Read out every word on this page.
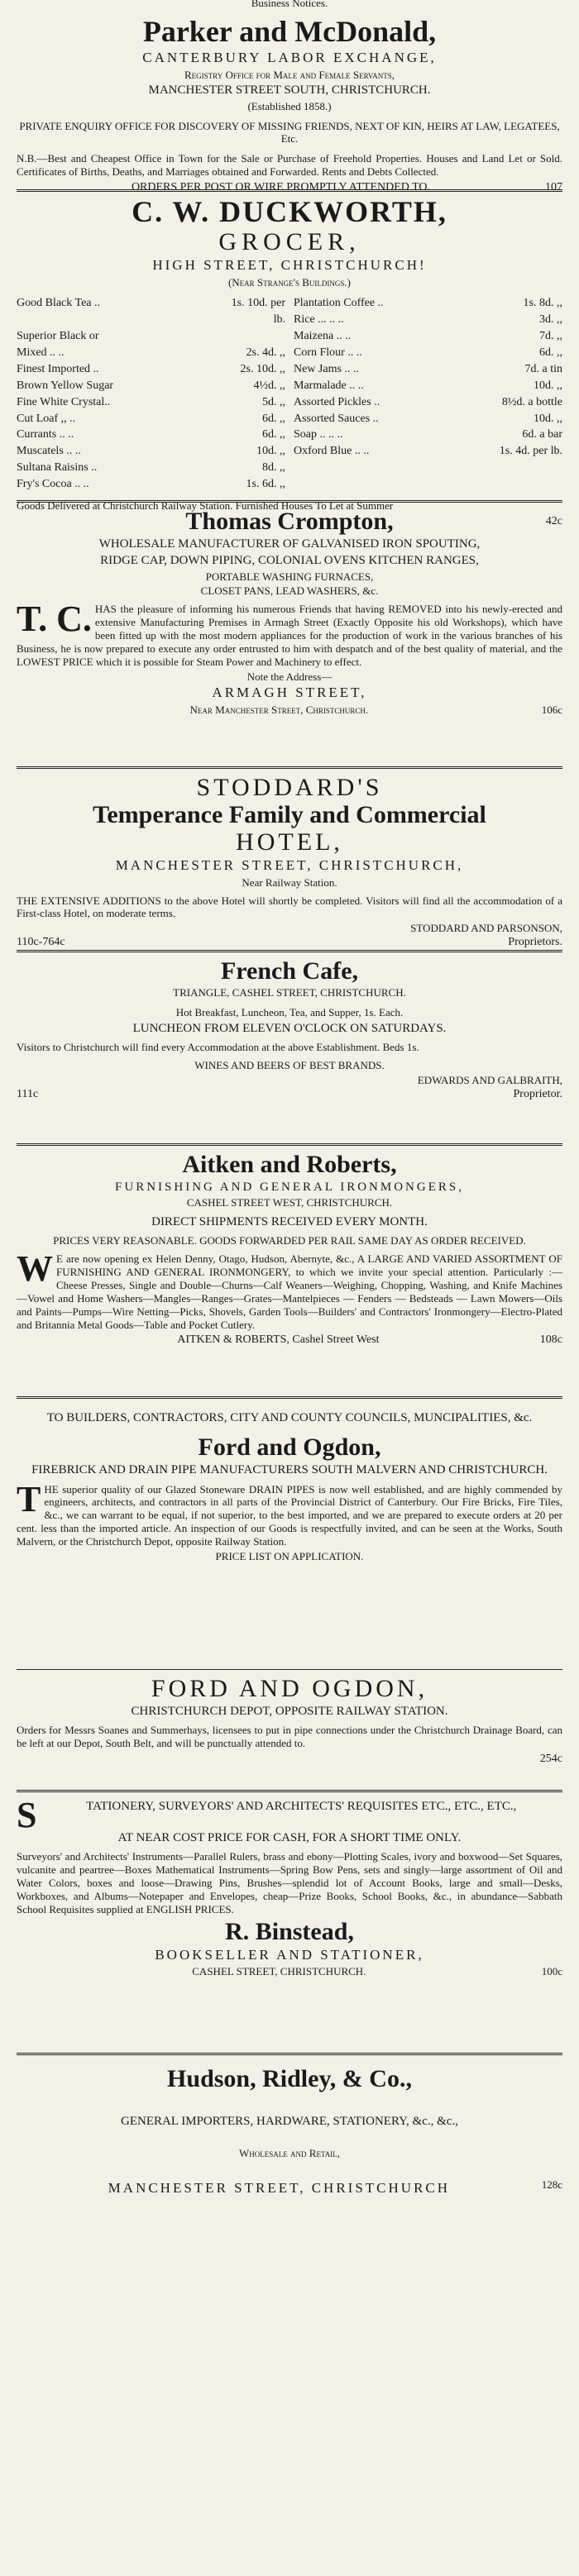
Business Notices.
Parker and McDonald,
CANTERBURY LABOR EXCHANGE,
Registry Office for Male and Female Servants,
MANCHESTER STREET SOUTH, CHRISTCHURCH.
(Established 1858.)
PRIVATE ENQUIRY OFFICE FOR DISCOVERY OF MISSING FRIENDS, NEXT OF KIN, HEIRS AT LAW, LEGATEES, Etc.

N.B.—Best and Cheapest Office in Town for the Sale or Purchase of Freehold Properties. Houses and Land Let or Sold. Certificates of Births, Deaths, and Marriages obtained and Forwarded. Rents and Debts Collected.

ORDERS PER POST OR WIRE PROMPTLY ATTENDED TO.	107
C. W. DUCKWORTH,
GROCER,
HIGH STREET, CHRISTCHURCH!
(Near Strange's Buildings.)
Good Black Tea ..	1s. 10d. per lb.
Superior Black or
Mixed .. ..	2s. 4d. ,,
Finest Imported ..	2s. 10d. ,,
Brown Yellow Sugar	4½d. ,,
Fine White Crystal..	5d. ,,
Cut Loaf ,, ..	6d. ,,
Currants .. ..	6d. ,,
Muscatels .. ..	10d. ,,
Sultana Raisins ..	8d. ,,
Fry's Cocoa .. ..	1s. 6d. ,,
Plantation Coffee ..	1s. 8d. ,,
Rice ... .. ..	3d. ,,
Maizena .. ..	7d. ,,
Corn Flour .. ..	6d. ,,
New Jams .. ..	7d. a tin
Marmalade .. ..	10d. ,,
Assorted Pickles ..	8½d. a bottle
Assorted Sauces ..	10d. ,,
Soap .. .. ..	6d. a bar
Oxford Blue .. ..	1s. 4d. per lb.

Goods Delivered at Christchurch Railway Station. Furnished Houses To Let at Summer

42c
Thomas Crompton,
WHOLESALE MANUFACTURER OF GALVANISED IRON SPOUTING,
RIDGE CAP, DOWN PIPING, COLONIAL OVENS KITCHEN RANGES,
PORTABLE WASHING FURNACES,
CLOSET PANS, LEAD WASHERS, &c.
T. C. HAS the pleasure of informing his numerous Friends that having REMOVED into his newly-erected and extensive Manufacturing Premises in Armagh Street (Exactly Opposite his old Workshops), which have been fitted up with the most modern appliances for the production of work in the various branches of his Business, he is now prepared to execute any order entrusted to him with despatch and of the best quality of material, and the LOWEST PRICE which it is possible for Steam Power and Machinery to effect.

Note the Address—
ARMAGH STREET,
Near Manchester Street, Christchurch.	106c
STODDARD'S
Temperance Family and Commercial
HOTEL,
MANCHESTER STREET, CHRISTCHURCH,
Near Railway Station.

THE EXTENSIVE ADDITIONS to the above Hotel will shortly be completed. Visitors will find all the accommodation of a First-class Hotel, on moderate terms.

STODDARD AND PARSONSON,
110c-764c	Proprietors.
French Cafe,
TRIANGLE, CASHEL STREET, CHRISTCHURCH.
Hot Breakfast, Luncheon, Tea, and Supper, 1s. Each.
LUNCHEON FROM ELEVEN O'CLOCK ON SATURDAYS.

Visitors to Christchurch will find every Accommodation at the above Establishment. Beds 1s.

WINES AND BEERS OF BEST BRANDS.
EDWARDS AND GALBRAITH,
111c	Proprietor.
Aitken and Roberts,
FURNISHING AND GENERAL IRONMONGERS,
CASHEL STREET WEST, CHRISTCHURCH.
DIRECT SHIPMENTS RECEIVED EVERY MONTH.
PRICES VERY REASONABLE. GOODS FORWARDED PER RAIL SAME DAY AS ORDER RECEIVED.
W E are now opening ex Helen Denny, Otago, Hudson, Abernyte, &c., A LARGE AND VARIED ASSORTMENT OF FURNISHING AND GENERAL IRONMONGERY, to which we invite your special attention. Particularly :—Cheese Presses, Single and Double—Churns—Calf Weaners—Weighing, Chopping, Washing, and Knife Machines—Vowel and Home Washers—Mangles—Ranges—Grates—Mantelpieces — Fenders — Bedsteads — Lawn Mowers—Oils and Paints—Pumps—Wire Netting—Picks, Shovels, Garden Tools—Builders' and Contractors' Ironmongery—Electro-Plated and Britannia Metal Goods—Table and Pocket Cutlery.

AITKEN & ROBERTS, Cashel Street West	108c
TO BUILDERS, CONTRACTORS, CITY AND COUNTY COUNCILS, MUNCIPALITIES, &c.
Ford and Ogdon,
FIREBRICK AND DRAIN PIPE MANUFACTURERS SOUTH MALVERN AND CHRISTCHURCH.
T HE superior quality of our Glazed Stoneware DRAIN PIPES is now well established, and are highly commended by engineers, architects, and contractors in all parts of the Provincial District of Canterbury. Our Fire Bricks, Fire Tiles, &c., we can warrant to be equal, if not superior, to the best imported, and we are prepared to execute orders at 20 per cent. less than the imported article. An inspection of our Goods is respectfully invited, and can be seen at the Works, South Malvern, or the Christchurch Depot, opposite Railway Station.

PRICE LIST ON APPLICATION.
FORD AND OGDON,
CHRISTCHURCH DEPOT, OPPOSITE RAILWAY STATION.

Orders for Messrs Soanes and Summerhays, licensees to put in pipe connections under the Christchurch Drainage Board, can be left at our Depot, South Belt, and will be punctually attended to.

254c
S	TATIONERY, SURVEYORS' AND ARCHITECTS' REQUISITES ETC., ETC., ETC.,
AT NEAR COST PRICE FOR CASH, FOR A SHORT TIME ONLY.

Surveyors' and Architects' Instruments—Parallel Rulers, brass and ebony—Plotting Scales, ivory and boxwood—Set Squares, vulcanite and peartree—Boxes Mathematical Instruments—Spring Bow Pens, sets and singly—large assortment of Oil and Water Colors, boxes and loose—Drawing Pins, Brushes—splendid lot of Account Books, large and small—Desks, Workboxes, and Albums—Notepaper and Envelopes, cheap—Prize Books, School Books, &c., in abundance—Sabbath School Requisites supplied at ENGLISH PRICES.

R. Binstead,
BOOKSELLER AND STATIONER,
CASHEL STREET, CHRISTCHURCH.	100c
Hudson, Ridley, & Co.,
GENERAL IMPORTERS, HARDWARE, STATIONERY, &c., &c.,
Wholesale and Retail,
MANCHESTER STREET, CHRISTCHURCH	128c
